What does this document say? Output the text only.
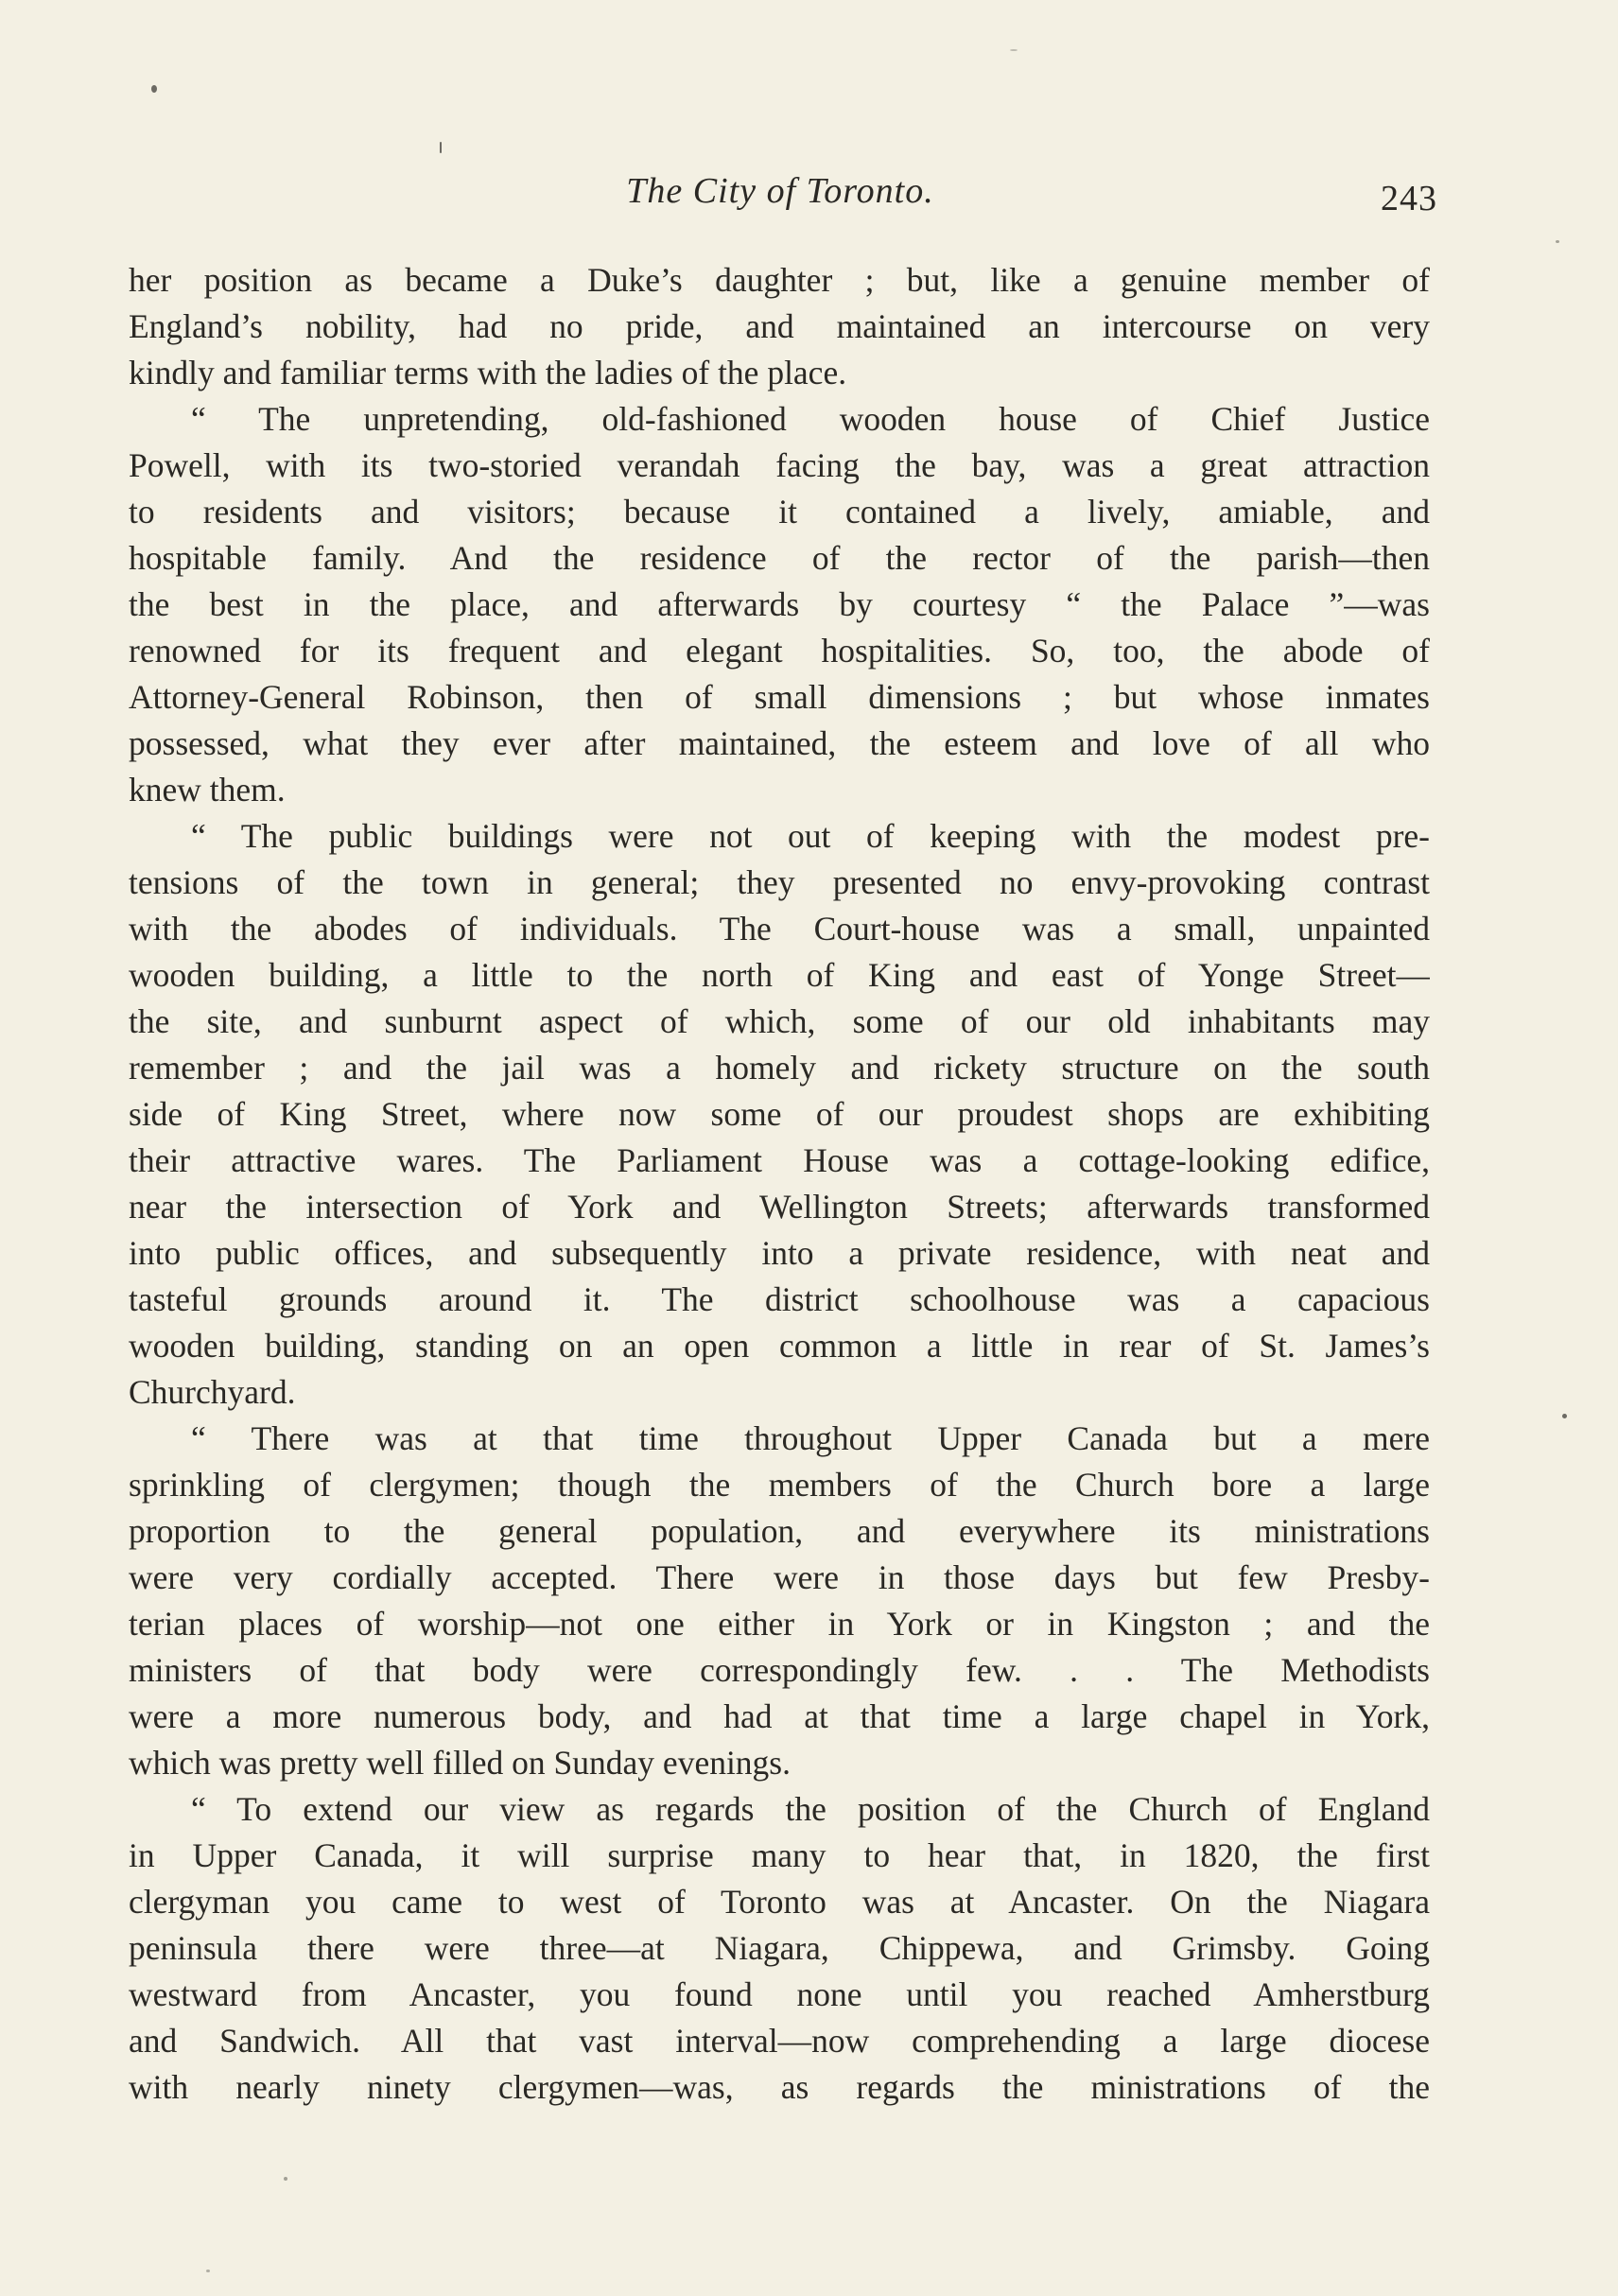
The City of Toronto.	243
her position as became a Duke’s daughter ; but, like a genuine member of
England’s nobility, had no pride, and maintained an intercourse on very
kindly and familiar terms with the ladies of the place.
“ The unpretending, old-fashioned wooden house of Chief Justice
Powell, with its two-storied verandah facing the bay, was a great attraction
to residents and visitors; because it contained a lively, amiable, and
hospitable family. And the residence of the rector of the parish—then
the best in the place, and afterwards by courtesy “ the Palace ”—was
renowned for its frequent and elegant hospitalities. So, too, the abode of
Attorney-General Robinson, then of small dimensions ; but whose inmates
possessed, what they ever after maintained, the esteem and love of all who
knew them.
“ The public buildings were not out of keeping with the modest pre-
tensions of the town in general; they presented no envy-provoking contrast
with the abodes of individuals. The Court-house was a small, unpainted
wooden building, a little to the north of King and east of Yonge Street—
the site, and sunburnt aspect of which, some of our old inhabitants may
remember ; and the jail was a homely and rickety structure on the south
side of King Street, where now some of our proudest shops are exhibiting
their attractive wares. The Parliament House was a cottage-looking edifice,
near the intersection of York and Wellington Streets; afterwards transformed
into public offices, and subsequently into a private residence, with neat and
tasteful grounds around it. The district schoolhouse was a capacious
wooden building, standing on an open common a little in rear of St. James’s
Churchyard.
“ There was at that time throughout Upper Canada but a mere
sprinkling of clergymen; though the members of the Church bore a large
proportion to the general population, and everywhere its ministrations
were very cordially accepted. There were in those days but few Presby-
terian places of worship—not one either in York or in Kingston ; and the
ministers of that body were correspondingly few. . . The Methodists
were a more numerous body, and had at that time a large chapel in York,
which was pretty well filled on Sunday evenings.
“ To extend our view as regards the position of the Church of England
in Upper Canada, it will surprise many to hear that, in 1820, the first
clergyman you came to west of Toronto was at Ancaster. On the Niagara
peninsula there were three—at Niagara, Chippewa, and Grimsby. Going
westward from Ancaster, you found none until you reached Amherstburg
and Sandwich. All that vast interval—now comprehending a large diocese
with nearly ninety clergymen—was, as regards the ministrations of the
